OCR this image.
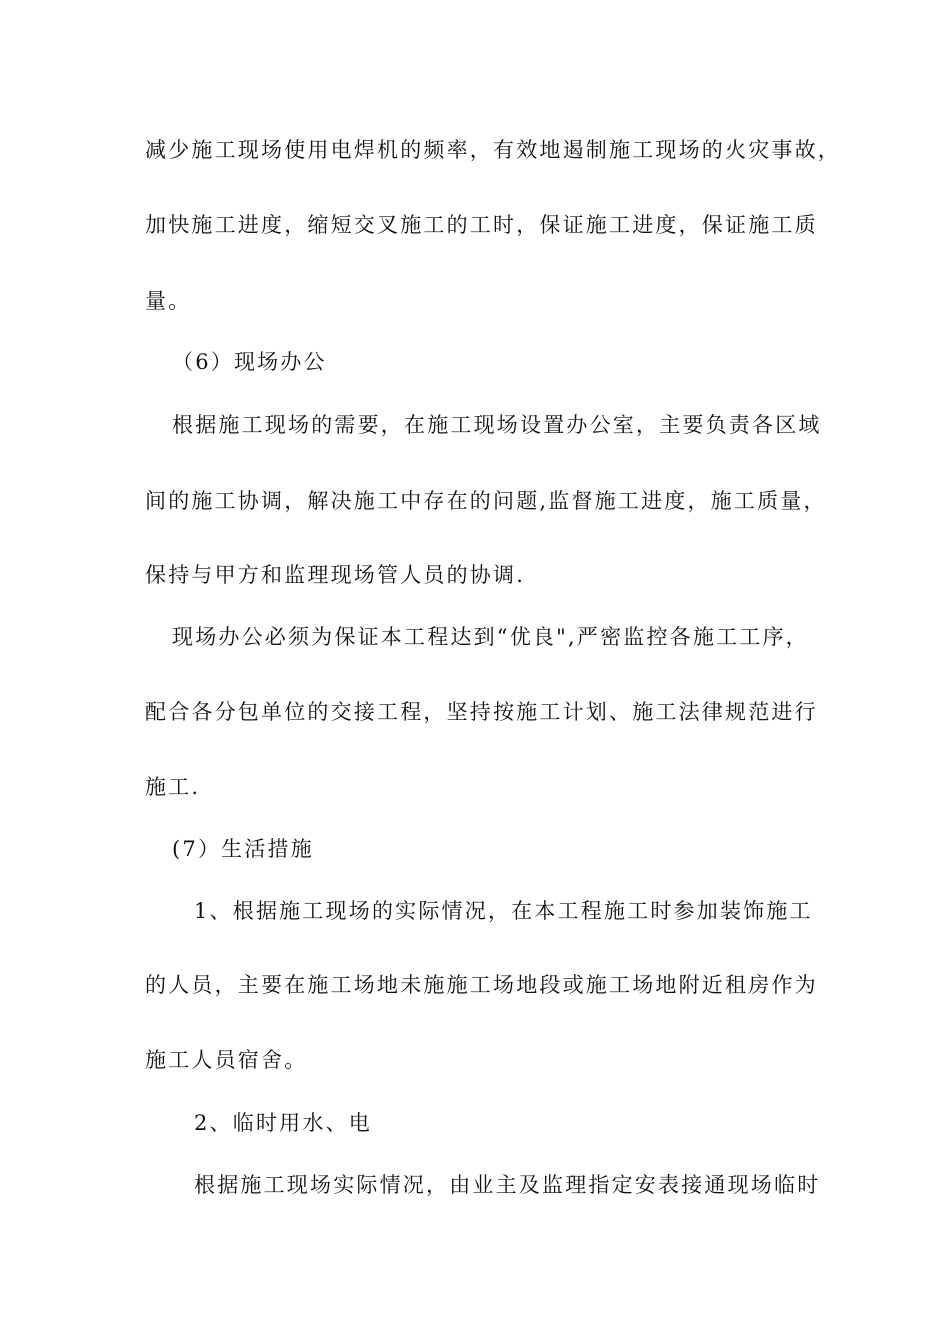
减少施工现场使用电焊机的频率，有效地遏制施工现场的火灾事故，
加快施工进度，缩短交叉施工的工时，保证施工进度，保证施工质
量。
（6）现场办公
根据施工现场的需要，在施工现场设置办公室，主要负责各区域
间的施工协调，解决施工中存在的问题,监督施工进度，施工质量，
保持与甲方和监理现场管人员的协调.
现场办公必须为保证本工程达到“优良",严密监控各施工工序，
配合各分包单位的交接工程，坚持按施工计划、施工法律规范进行
施工.
(7）生活措施
1、根据施工现场的实际情况，在本工程施工时参加装饰施工
的人员，主要在施工场地未施施工场地段或施工场地附近租房作为
施工人员宿舍。
2、临时用水、电
根据施工现场实际情况，由业主及监理指定安表接通现场临时
